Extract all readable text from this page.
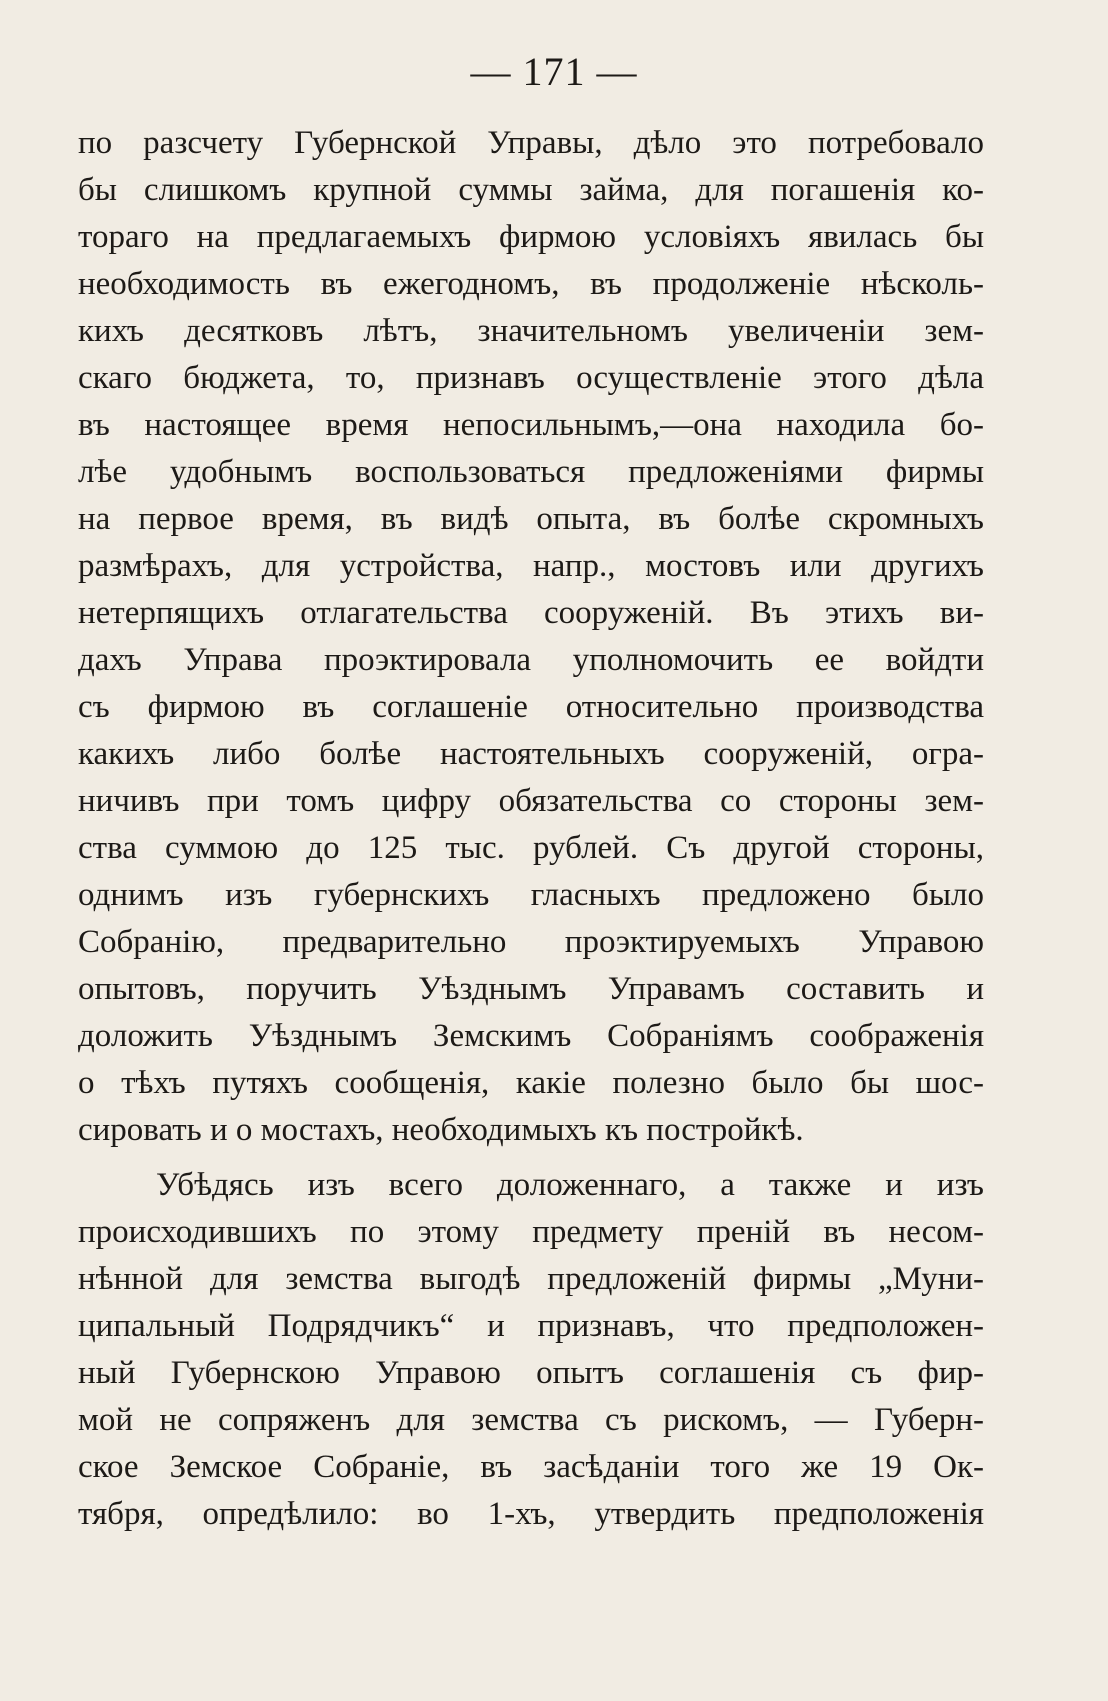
— 171 —
по разсчету Губернской Управы, дѣло это потребовало
бы слишкомъ крупной суммы займа, для погашенія ко-
тораго на предлагаемыхъ фирмою условіяхъ явилась бы
необходимость въ ежегодномъ, въ продолженіе нѣсколь-
кихъ десятковъ лѣтъ, значительномъ увеличеніи зем-
скаго бюджета, то, признавъ осуществленіе этого дѣла
въ настоящее время непосильнымъ,—она находила бо-
лѣе удобнымъ воспользоваться предложеніями фирмы
на первое время, въ видѣ опыта, въ болѣе скромныхъ
размѣрахъ, для устройства, напр., мостовъ или другихъ
нетерпящихъ отлагательства сооруженій. Въ этихъ ви-
дахъ Управа проэктировала уполномочить ее войдти
съ фирмою въ соглашеніе относительно производства
какихъ либо болѣе настоятельныхъ сооруженій, огра-
ничивъ при томъ цифру обязательства со стороны зем-
ства суммою до 125 тыс. рублей. Съ другой стороны,
однимъ изъ губернскихъ гласныхъ предложено было
Собранію, предварительно проэктируемыхъ Управою
опытовъ, поручить Уѣзднымъ Управамъ составить и
доложить Уѣзднымъ Земскимъ Собраніямъ соображенія
о тѣхъ путяхъ сообщенія, какіе полезно было бы шос-
сировать и о мостахъ, необходимыхъ къ постройкѣ.
Убѣдясь изъ всего доложеннаго, а также и изъ
происходившихъ по этому предмету преній въ несом-
нѣнной для земства выгодѣ предложеній фирмы „Муни-
ципальный Подрядчикъ“ и признавъ, что предположен-
ный Губернскою Управою опытъ соглашенія съ фир-
мой не сопряженъ для земства съ рискомъ, — Губерн-
ское Земское Собраніе, въ засѣданіи того же 19 Ок-
тября, опредѣлило: во 1-хъ, утвердить предположенія
